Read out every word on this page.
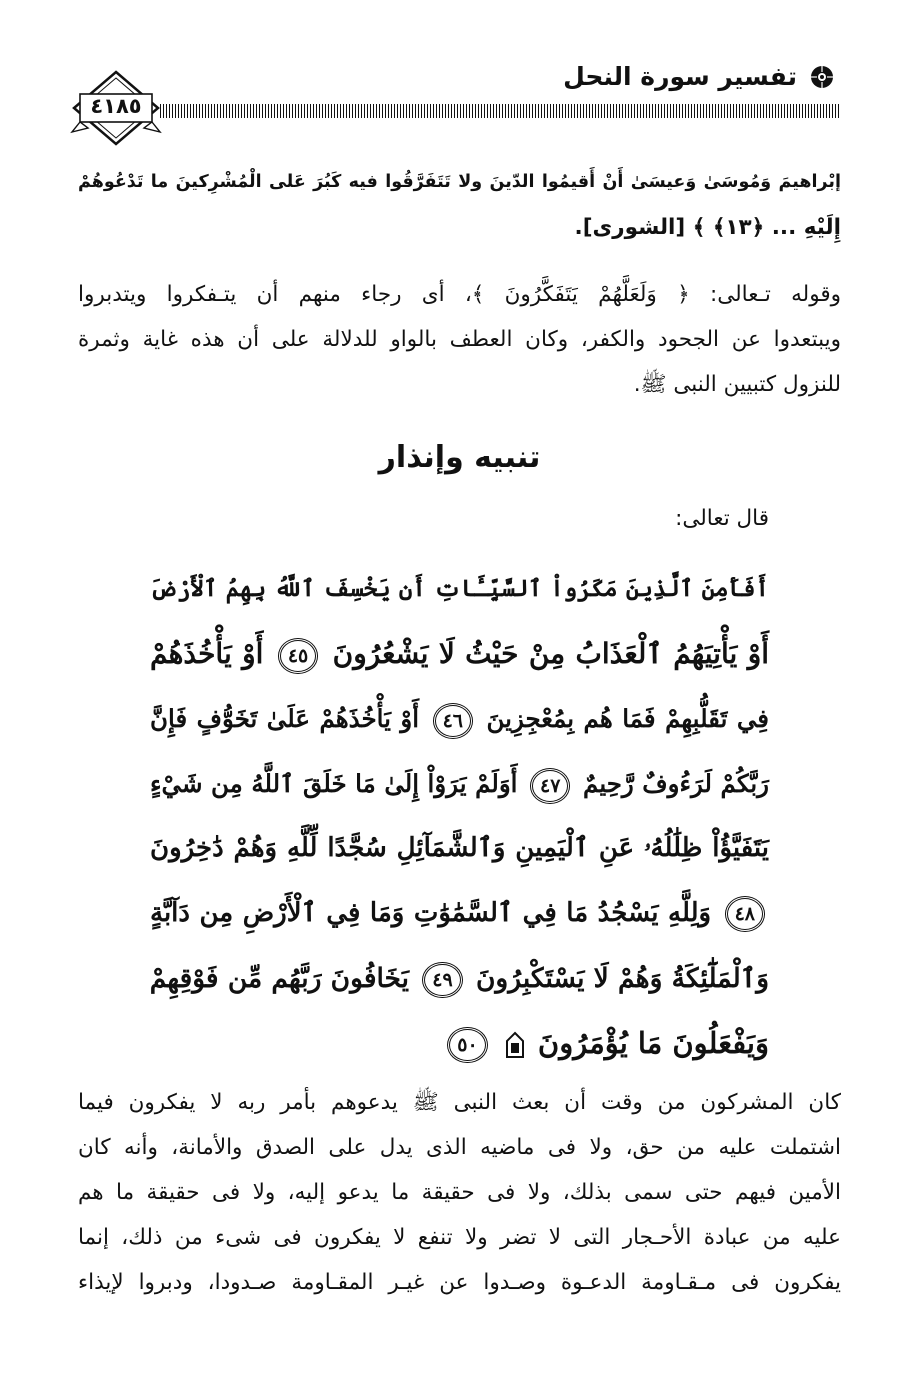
تفسير سورة النحل
٤١٨٥
إبْراهيمَ وَمُوسَىٰ وَعيسَىٰ أَنْ أَقيمُوا الدّينَ ولا تَتَفَرَّقُوا فيه كَبُرَ عَلى الْمُشْرِكينَ ما تَدْعُوهُمْ
إِلَيْهِ ... ﴿١٣﴾ ﴾ [الشورى].
وقوله تـعالى: ﴿ وَلَعَلَّهُمْ يَتَفَكَّرُونَ ﴾، أى رجاء منهم أن يتـفكروا ويتدبروا
ويبتعدوا عن الجحود والكفر، وكان العطف بالواو للدلالة على أن هذه غاية وثمرة
للنزول كتبيين النبى ﷺ.
تنبيه وإنذار
قال تعالى:
أَفَأَمِنَ ٱلَّذِينَ مَكَرُواْ ٱلسَّيِّـَٔاتِ أَن يَخْسِفَ ٱللَّهُ بِهِمُ ٱلْأَرْضَ
أَوْ يَأْتِيَهُمُ ٱلْعَذَابُ مِنْ حَيْثُ لَا يَشْعُرُونَ ٤٥ أَوْ يَأْخُذَهُمْ
فِي تَقَلُّبِهِمْ فَمَا هُم بِمُعْجِزِينَ ٤٦ أَوْ يَأْخُذَهُمْ عَلَىٰ تَخَوُّفٍ فَإِنَّ
رَبَّكُمْ لَرَءُوفٌ رَّحِيمٌ ٤٧ أَوَلَمْ يَرَوْاْ إِلَىٰ مَا خَلَقَ ٱللَّهُ مِن شَيْءٍ
يَتَفَيَّؤُاْ ظِلَٰلُهُۥ عَنِ ٱلْيَمِينِ وَٱلشَّمَآئِلِ سُجَّدًا لِّلَّهِ وَهُمْ دَٰخِرُونَ
٤٨ وَلِلَّهِ يَسْجُدُ مَا فِي ٱلسَّمَٰوَٰتِ وَمَا فِي ٱلْأَرْضِ مِن دَآبَّةٍ
وَٱلْمَلَٰٓئِكَةُ وَهُمْ لَا يَسْتَكْبِرُونَ ٤٩ يَخَافُونَ رَبَّهُم مِّن فَوْقِهِمْ
وَيَفْعَلُونَ مَا يُؤْمَرُونَ  ٥٠
كان المشركون من وقت أن بعث النبى ﷺ يدعوهم بأمر ربه لا يفكرون فيما
اشتملت عليه من حق، ولا فى ماضيه الذى يدل على الصدق والأمانة، وأنه كان
الأمين فيهم حتى سمى بذلك، ولا فى حقيقة ما يدعو إليه، ولا فى حقيقة ما هم
عليه من عبادة الأحـجار التى لا تضر ولا تنفع لا يفكرون فى شىء من ذلك، إنما
يفكرون فى مـقـاومة الدعـوة وصـدوا عن غيـر المقـاومة صـدودا، ودبروا لإيذاء
